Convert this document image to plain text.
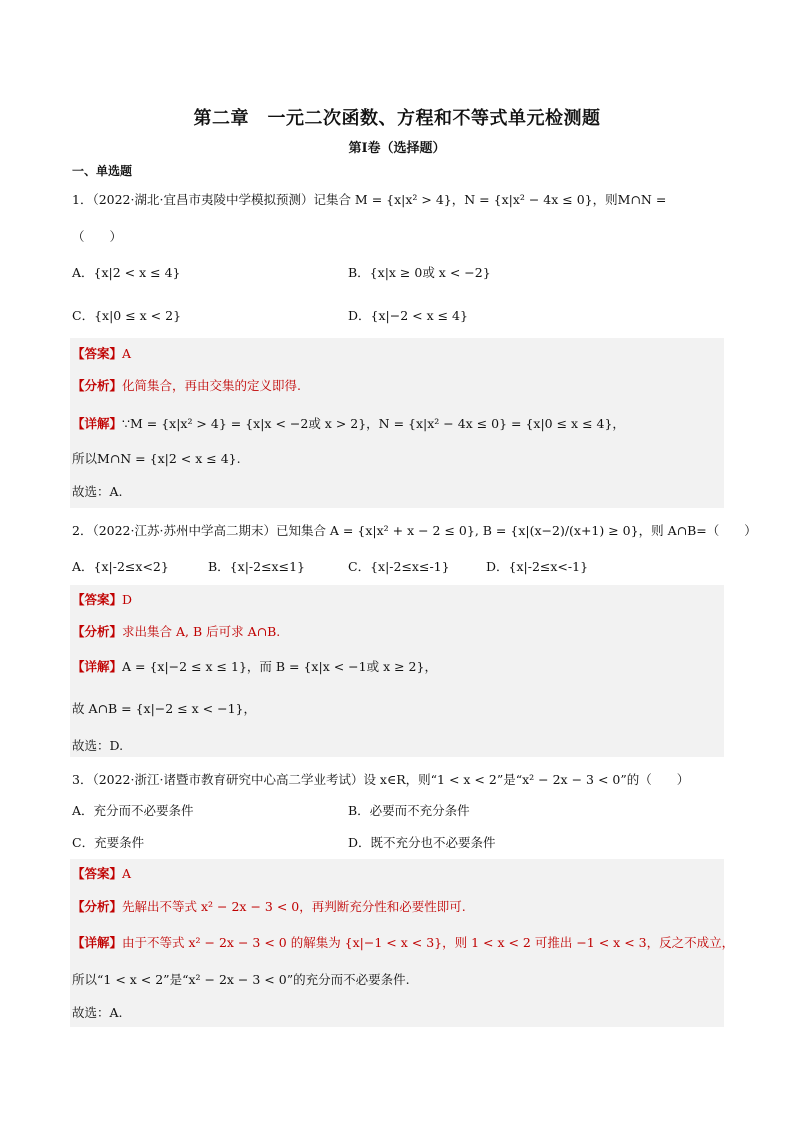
第二章　一元二次函数、方程和不等式单元检测题
第Ⅰ卷（选择题）
一、单选题
1．（2022·湖北·宜昌市夷陵中学模拟预测）记集合 M = {x|x² > 4}，N = {x|x² − 4x ≤ 0}，则M∩N =
（　　）
A．{x|2 < x ≤ 4}	B．{x|x ≥ 0或 x < −2}
C．{x|0 ≤ x < 2}	D．{x|−2 < x ≤ 4}
【答案】A
【分析】化简集合，再由交集的定义即得.
【详解】∵M = {x|x² > 4} = {x|x < −2或 x > 2}，N = {x|x² − 4x ≤ 0} = {x|0 ≤ x ≤ 4}，
所以M∩N = {x|2 < x ≤ 4}.
故选：A.
2．（2022·江苏·苏州中学高二期末）已知集合 A = {x|x² + x − 2 ≤ 0}, B = {x|(x−2)/(x+1) ≥ 0}，则 A∩B=（　　）
A．{x|-2≤x<2}	B．{x|-2≤x≤1}	C．{x|-2≤x≤-1}	D．{x|-2≤x<-1}
【答案】D
【分析】求出集合 A, B 后可求 A∩B.
【详解】A = {x|−2 ≤ x ≤ 1}，而 B = {x|x < −1或 x ≥ 2}，
故 A∩B = {x|−2 ≤ x < −1}，
故选：D.
3．（2022·浙江·诸暨市教育研究中心高二学业考试）设 x∈R，则“1 < x < 2”是“x² − 2x − 3 < 0”的（　　）
A．充分而不必要条件	B．必要而不充分条件
C．充要条件	D．既不充分也不必要条件
【答案】A
【分析】先解出不等式 x² − 2x − 3 < 0，再判断充分性和必要性即可.
【详解】由于不等式 x² − 2x − 3 < 0 的解集为 {x|−1 < x < 3}，则 1 < x < 2 可推出 −1 < x < 3，反之不成立，
所以“1 < x < 2”是“x² − 2x − 3 < 0”的充分而不必要条件.
故选：A.
